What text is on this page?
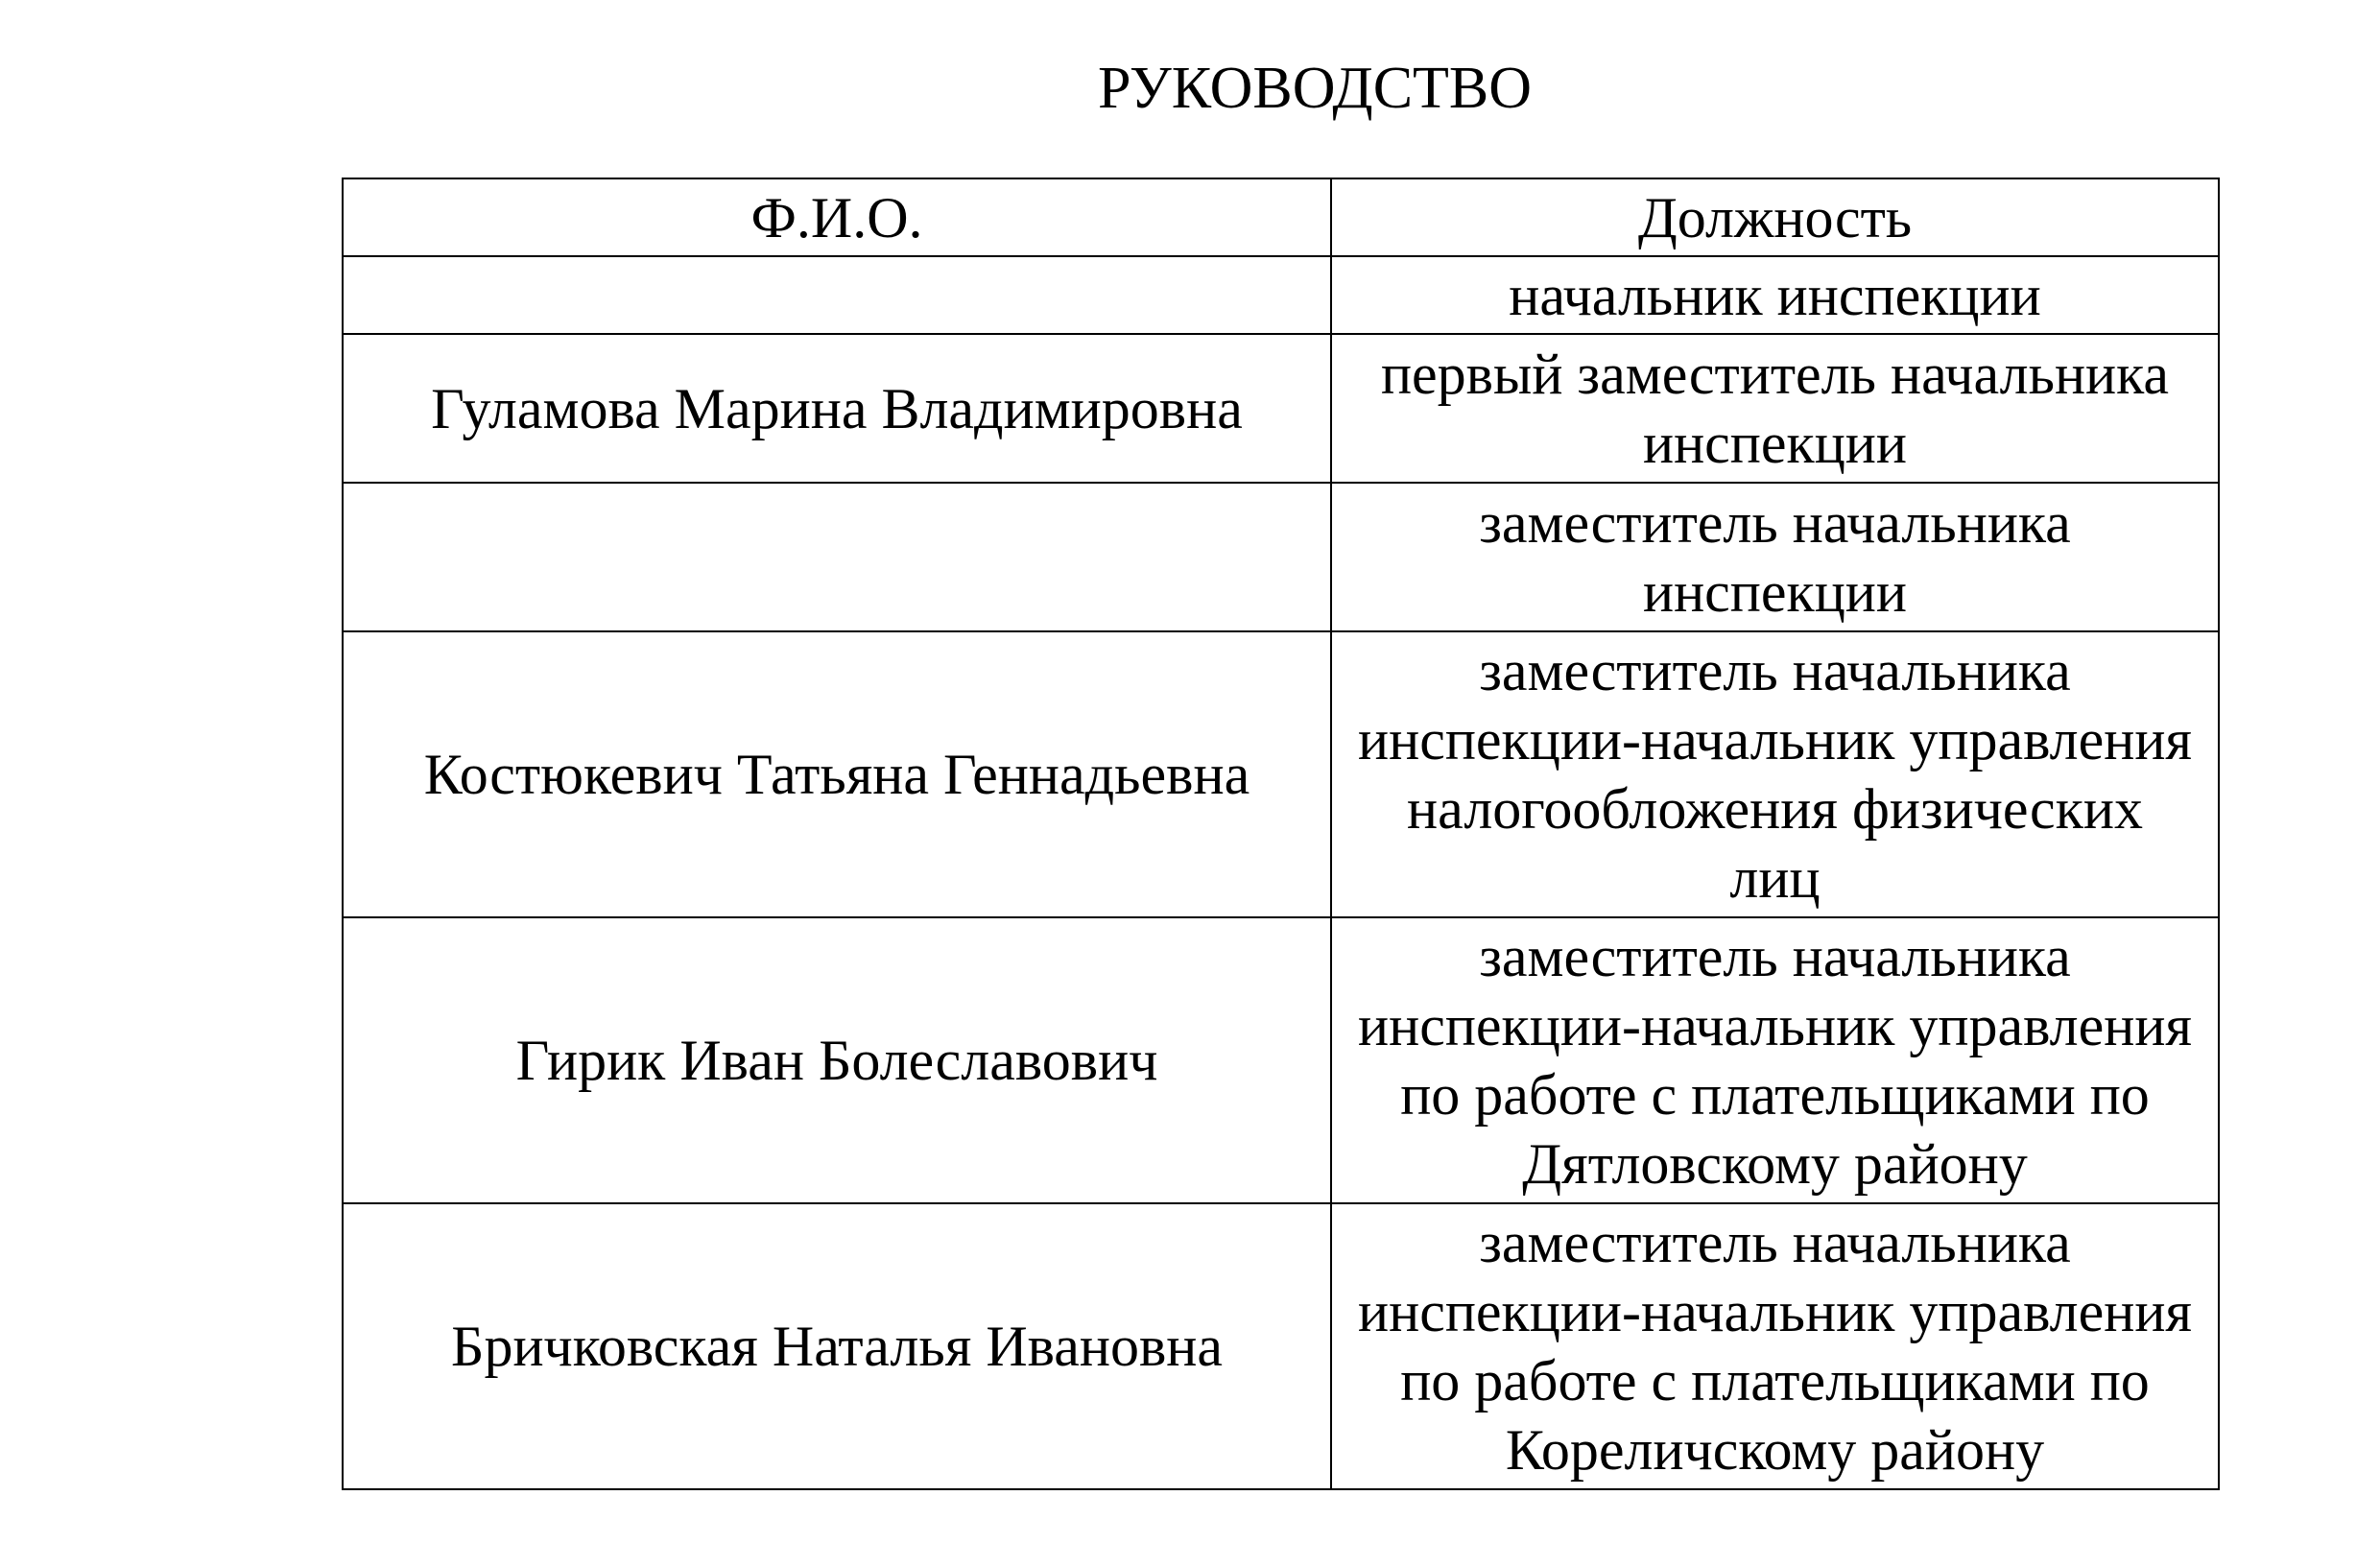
РУКОВОДСТВО
Ф.И.О.	Должность

	начальник инспекции

Гуламова Марина Владимировна	первый заместитель начальника
инспекции

	заместитель начальника
инспекции

Костюкевич Татьяна Геннадьевна	заместитель начальника
инспекции-начальник управления
налогообложения физических
лиц

Гирик Иван Болеславович	заместитель начальника
инспекции-начальник управления
по работе с плательщиками по
Дятловскому району

Бричковская Наталья Ивановна	заместитель начальника
инспекции-начальник управления
по работе с плательщиками по
Кореличскому району
